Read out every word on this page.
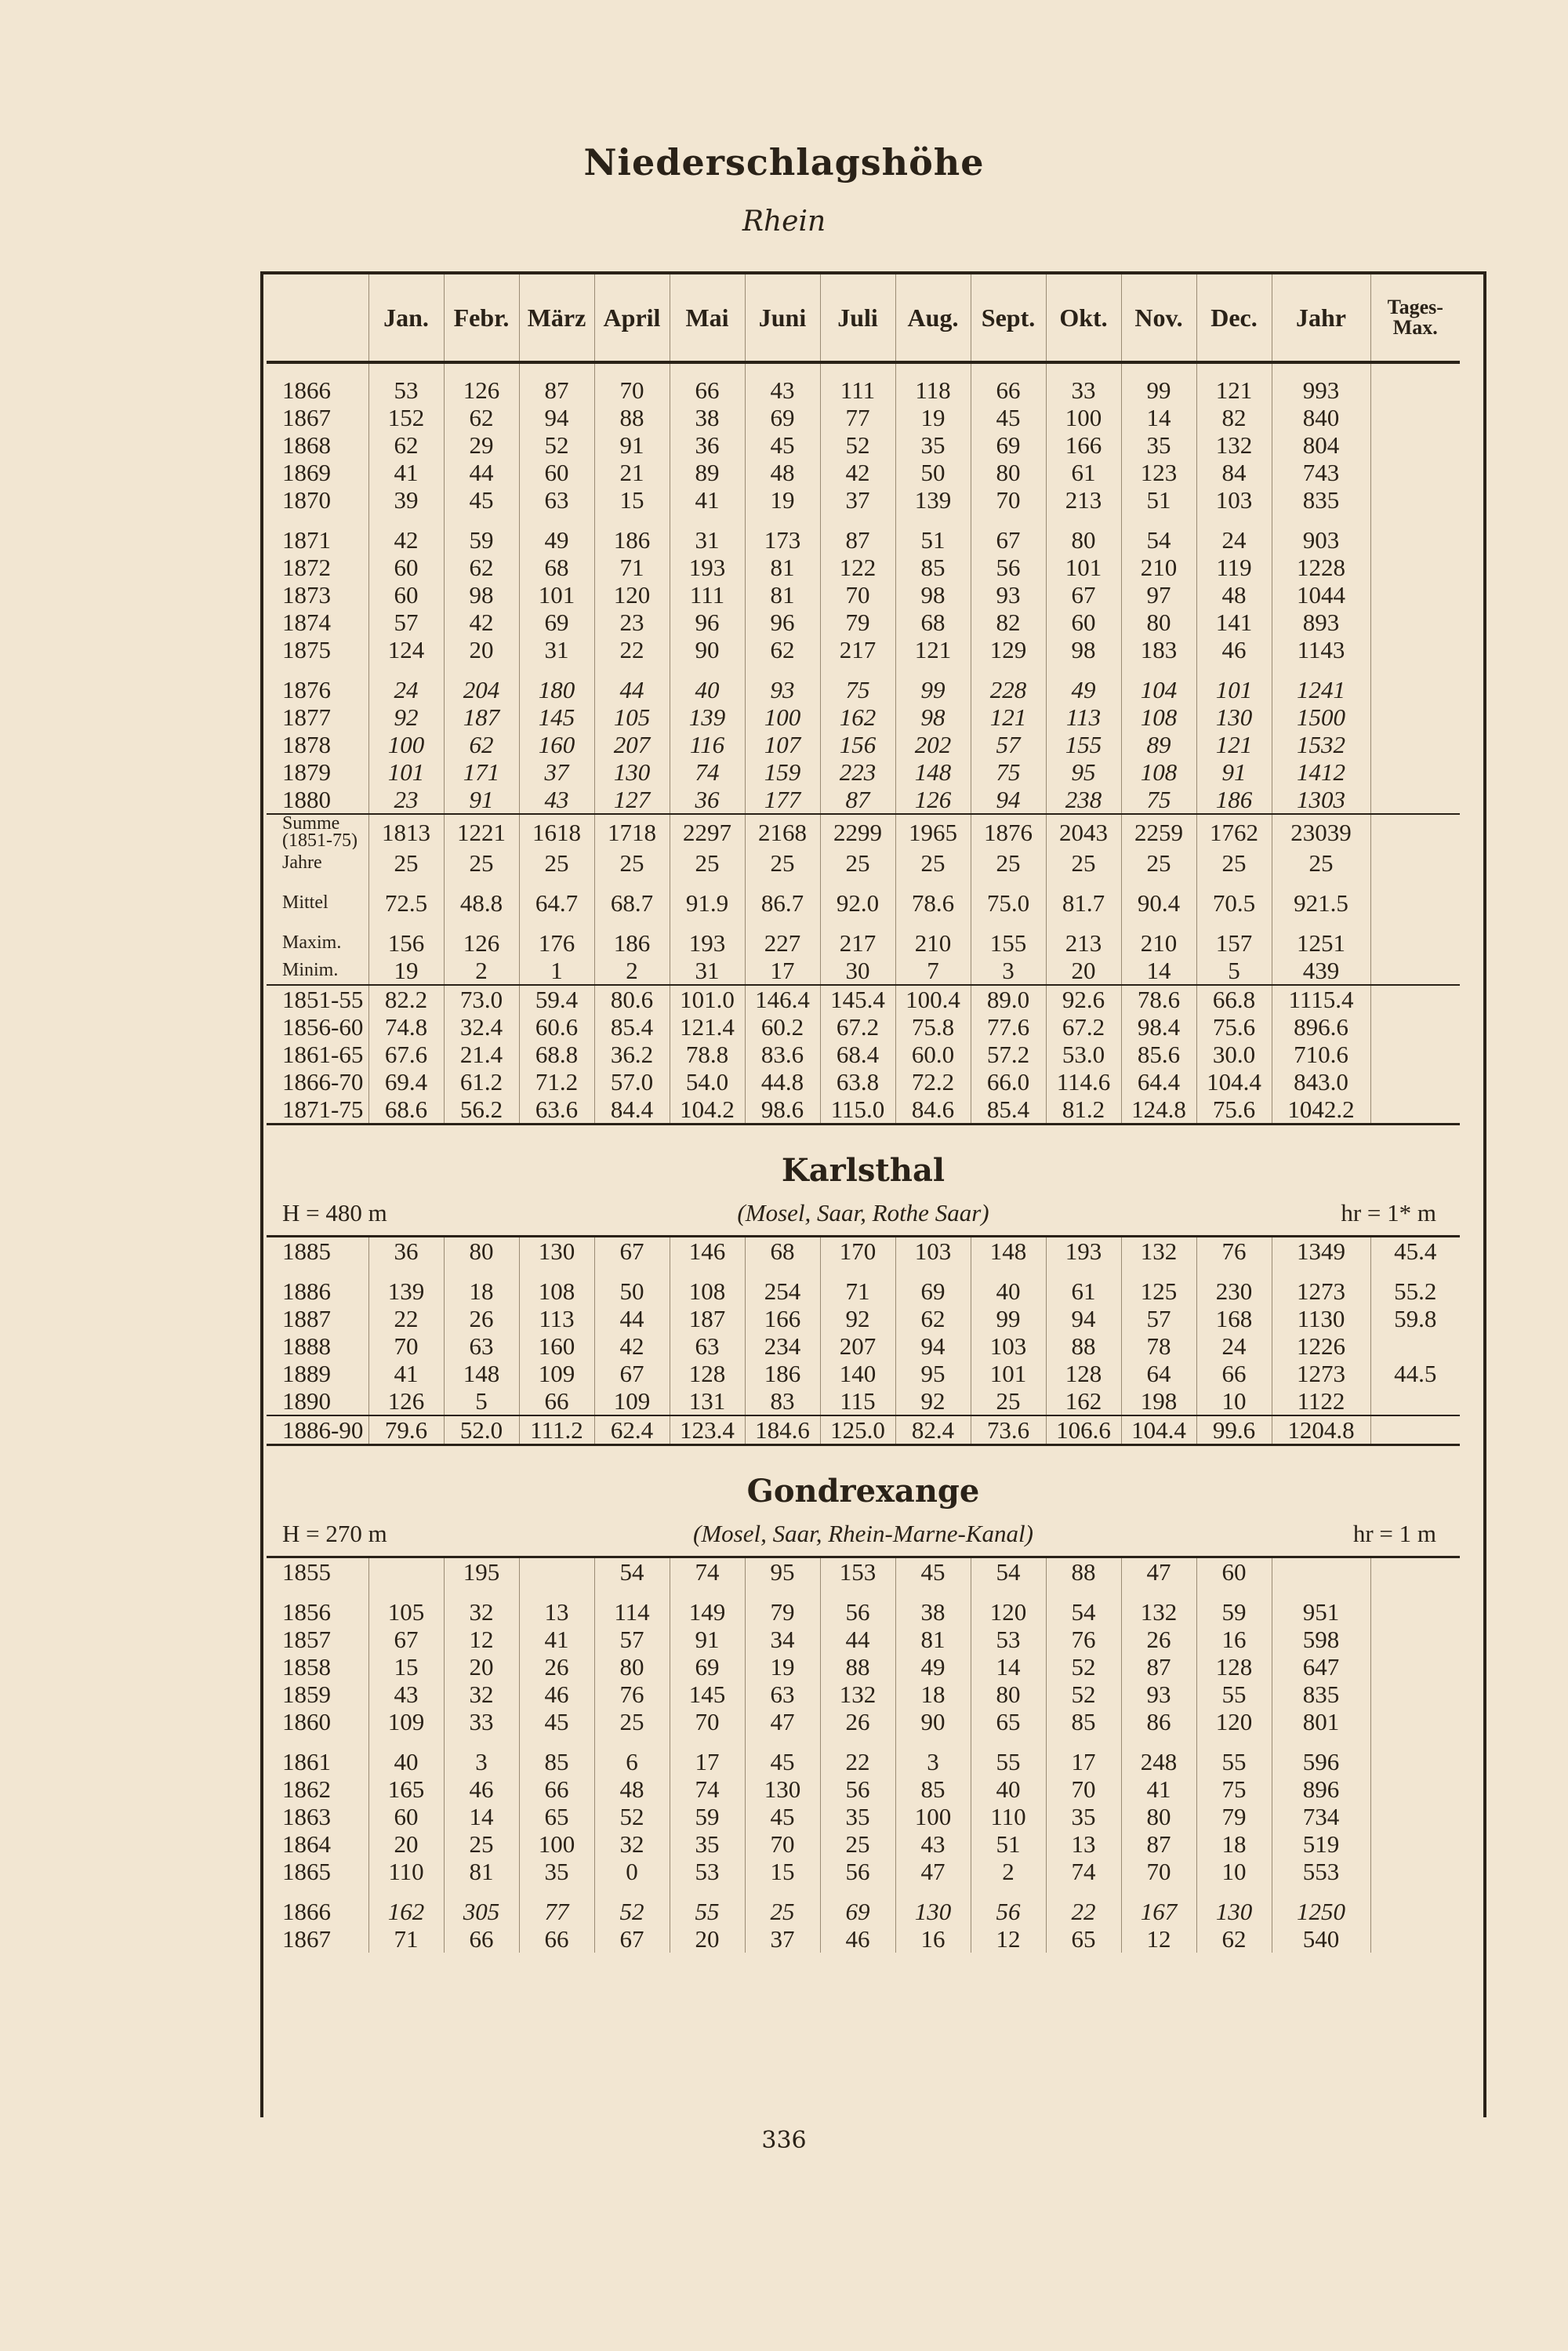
Niederschlagshöhe
Rhein
	Jan.	Febr.	März	April	Mai	Juni	Juli	Aug.	Sept.	Okt.	Nov.	Dec.	Jahr	Tages-
Max.
1866	53	126	87	70	66	43	111	118	66	33	99	121	993	
1867	152	62	94	88	38	69	77	19	45	100	14	82	840	
1868	62	29	52	91	36	45	52	35	69	166	35	132	804	
1869	41	44	60	21	89	48	42	50	80	61	123	84	743	
1870	39	45	63	15	41	19	37	139	70	213	51	103	835	
1871	42	59	49	186	31	173	87	51	67	80	54	24	903	
1872	60	62	68	71	193	81	122	85	56	101	210	119	1228	
1873	60	98	101	120	111	81	70	98	93	67	97	48	1044	
1874	57	42	69	23	96	96	79	68	82	60	80	141	893	
1875	124	20	31	22	90	62	217	121	129	98	183	46	1143	
1876	24	204	180	44	40	93	75	99	228	49	104	101	1241	
1877	92	187	145	105	139	100	162	98	121	113	108	130	1500	
1878	100	62	160	207	116	107	156	202	57	155	89	121	1532	
1879	101	171	37	130	74	159	223	148	75	95	108	91	1412	
1880	23	91	43	127	36	177	87	126	94	238	75	186	1303	
Summe
(1851-75)	1813	1221	1618	1718	2297	2168	2299	1965	1876	2043	2259	1762	23039	
Jahre	25	25	25	25	25	25	25	25	25	25	25	25	25	
Mittel	72.5	48.8	64.7	68.7	91.9	86.7	92.0	78.6	75.0	81.7	90.4	70.5	921.5	
Maxim.	156	126	176	186	193	227	217	210	155	213	210	157	1251	
Minim.	19	2	1	2	31	17	30	7	3	20	14	5	439	
1851-55	82.2	73.0	59.4	80.6	101.0	146.4	145.4	100.4	89.0	92.6	78.6	66.8	1115.4	
1856-60	74.8	32.4	60.6	85.4	121.4	60.2	67.2	75.8	77.6	67.2	98.4	75.6	896.6	
1861-65	67.6	21.4	68.8	36.2	78.8	83.6	68.4	60.0	57.2	53.0	85.6	30.0	710.6	
1866-70	69.4	61.2	71.2	57.0	54.0	44.8	63.8	72.2	66.0	114.6	64.4	104.4	843.0	
1871-75	68.6	56.2	63.6	84.4	104.2	98.6	115.0	84.6	85.4	81.2	124.8	75.6	1042.2	

Karlsthal
(Mosel, Saar, Rothe Saar)
H = 480 m hr = 1* m														

1885	36	80	130	67	146	68	170	103	148	193	132	76	1349	45.4
1886	139	18	108	50	108	254	71	69	40	61	125	230	1273	55.2
1887	22	26	113	44	187	166	92	62	99	94	57	168	1130	59.8
1888	70	63	160	42	63	234	207	94	103	88	78	24	1226	
1889	41	148	109	67	128	186	140	95	101	128	64	66	1273	44.5
1890	126	5	66	109	131	83	115	92	25	162	198	10	1122	
1886-90	79.6	52.0	111.2	62.4	123.4	184.6	125.0	82.4	73.6	106.6	104.4	99.6	1204.8	

Gondrexange
(Mosel, Saar, Rhein-Marne-Kanal)
H = 270 m hr = 1 m														

1855		195		54	74	95	153	45	54	88	47	60		
1856	105	32	13	114	149	79	56	38	120	54	132	59	951	
1857	67	12	41	57	91	34	44	81	53	76	26	16	598	
1858	15	20	26	80	69	19	88	49	14	52	87	128	647	
1859	43	32	46	76	145	63	132	18	80	52	93	55	835	
1860	109	33	45	25	70	47	26	90	65	85	86	120	801	
1861	40	3	85	6	17	45	22	3	55	17	248	55	596	
1862	165	46	66	48	74	130	56	85	40	70	41	75	896	
1863	60	14	65	52	59	45	35	100	110	35	80	79	734	
1864	20	25	100	32	35	70	25	43	51	13	87	18	519	
1865	110	81	35	0	53	15	56	47	2	74	70	10	553	
1866	162	305	77	52	55	25	69	130	56	22	167	130	1250	
1867	71	66	66	67	20	37	46	16	12	65	12	62	540	
336
